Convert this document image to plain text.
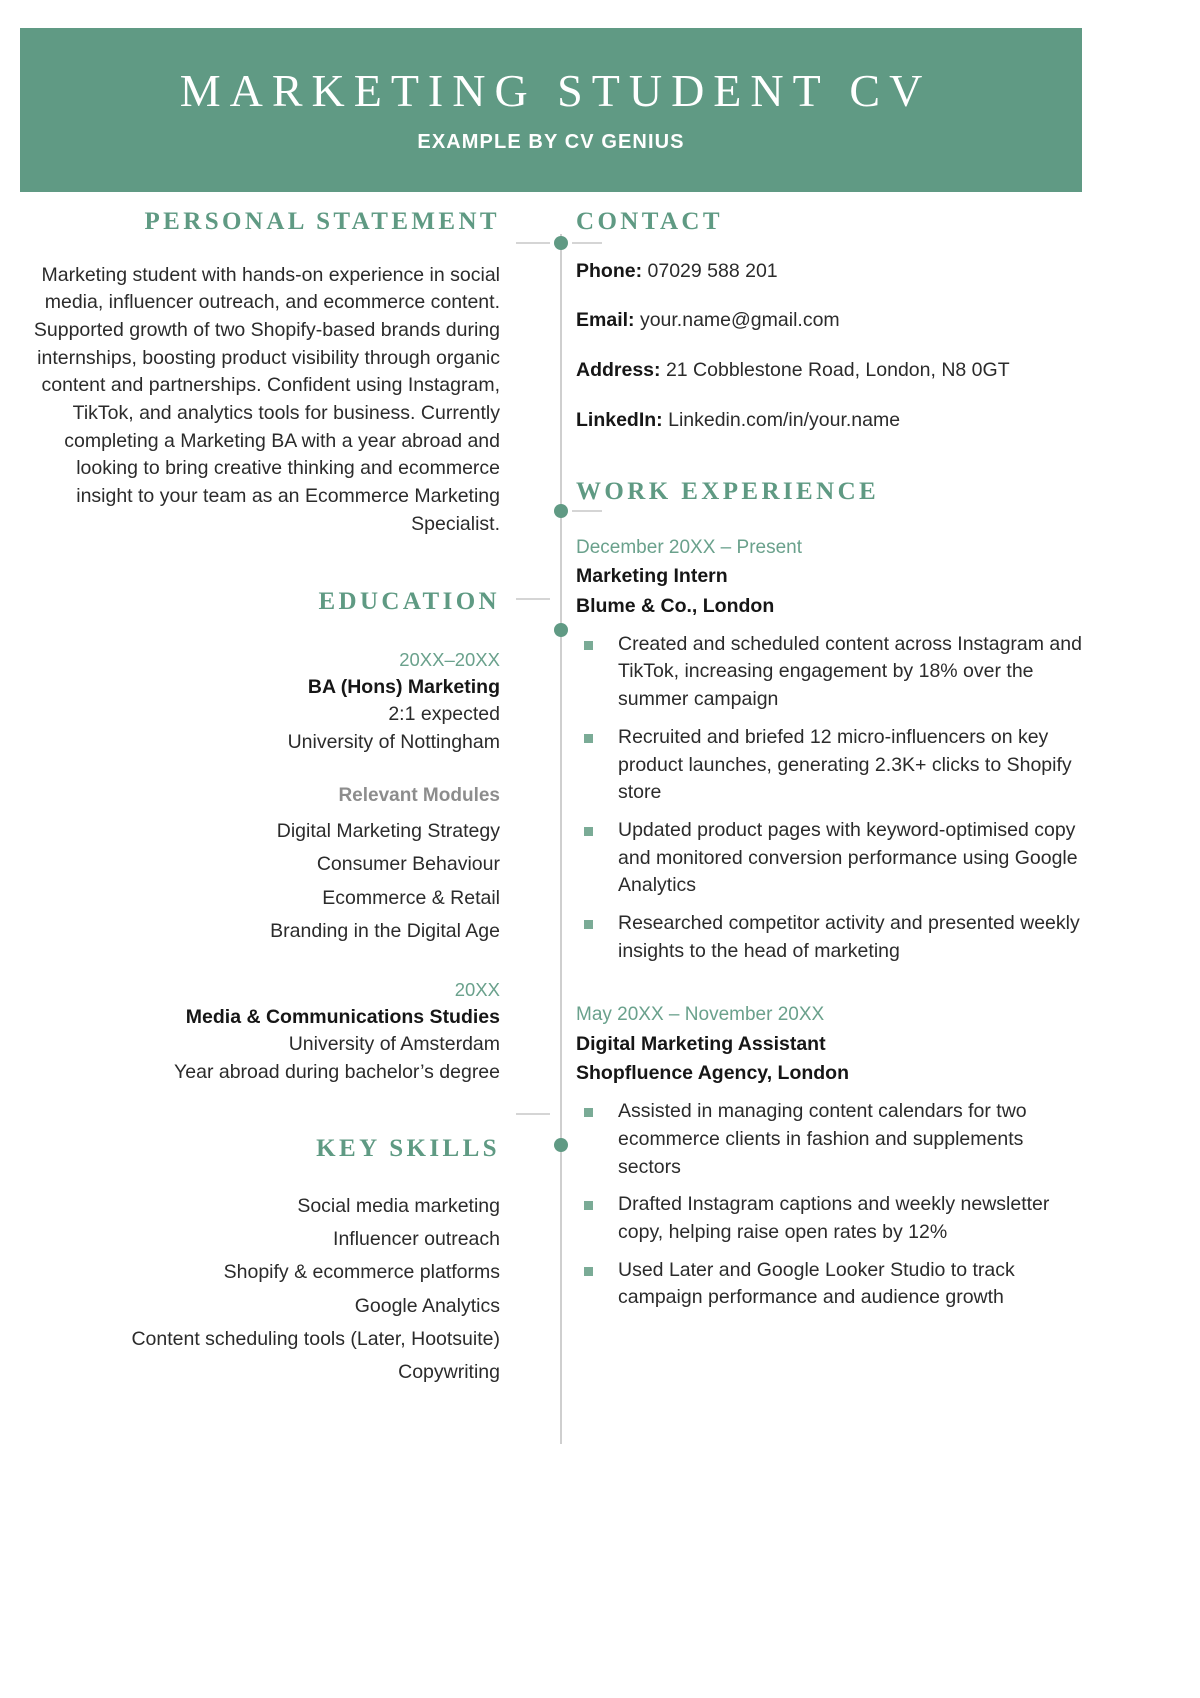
MARKETING STUDENT CV
EXAMPLE BY CV GENIUS
PERSONAL STATEMENT
Marketing student with hands-on experience in social media, influencer outreach, and ecommerce content. Supported growth of two Shopify-based brands during internships, boosting product visibility through organic content and partnerships. Confident using Instagram, TikTok, and analytics tools for business. Currently completing a Marketing BA with a year abroad and looking to bring creative thinking and ecommerce insight to your team as an Ecommerce Marketing Specialist.
EDUCATION
20XX–20XX
BA (Hons) Marketing
2:1 expected
University of Nottingham
Relevant Modules
Digital Marketing Strategy
Consumer Behaviour
Ecommerce & Retail
Branding in the Digital Age
20XX
Media & Communications Studies
University of Amsterdam
Year abroad during bachelor’s degree
KEY SKILLS
Social media marketing
Influencer outreach
Shopify & ecommerce platforms
Google Analytics
Content scheduling tools (Later, Hootsuite)
Copywriting
CONTACT
Phone: 07029 588 201
Email: your.name@gmail.com
Address: 21 Cobblestone Road, London, N8 0GT
LinkedIn: Linkedin.com/in/your.name
WORK EXPERIENCE
December 20XX – Present
Marketing Intern
Blume & Co., London
Created and scheduled content across Instagram and TikTok, increasing engagement by 18% over the summer campaign
Recruited and briefed 12 micro-influencers on key product launches, generating 2.3K+ clicks to Shopify store
Updated product pages with keyword-optimised copy and monitored conversion performance using Google Analytics
Researched competitor activity and presented weekly insights to the head of marketing
May 20XX – November 20XX
Digital Marketing Assistant
Shopfluence Agency, London
Assisted in managing content calendars for two ecommerce clients in fashion and supplements sectors
Drafted Instagram captions and weekly newsletter copy, helping raise open rates by 12%
Used Later and Google Looker Studio to track campaign performance and audience growth
